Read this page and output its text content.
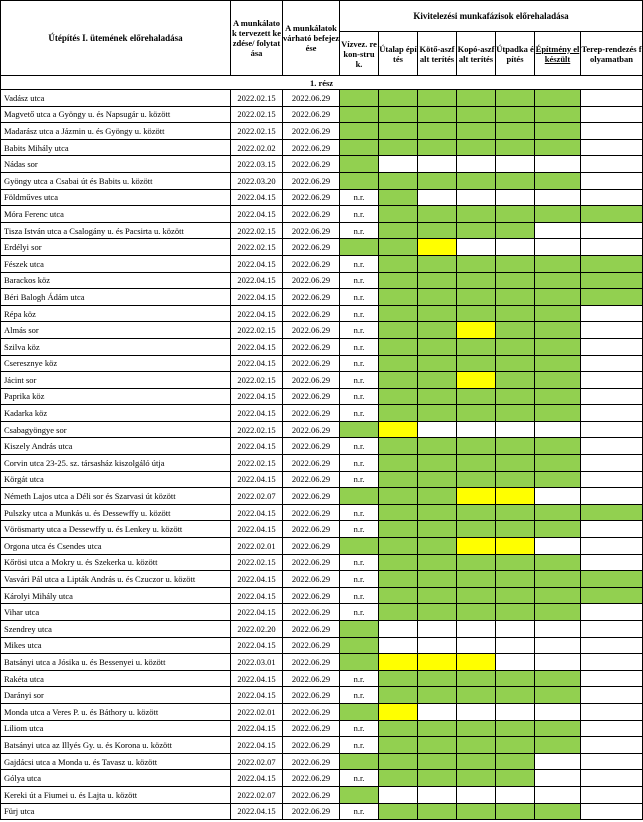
Útépítés I. ütemének előrehaladása	A munkálatok tervezett kezdése/ folytatása	A munkálatok várható befejezése	Kivitelezési munkafázisok előrehaladása						
			Vízvez. rekon-struk.	Útalap építés	Kötő-aszfalt terítés	Kopó-aszfalt terítés	Útpadka építés	Építmény elkészült	Terep-rendezés folyamatban
1. rész									
Vadász utca	2022.02.15	2022.06.29							
Magvető utca a Gyöngy u. és Napsugár u. között	2022.02.15	2022.06.29							
Madarász utca a Jázmin u. és Gyöngy u. között	2022.02.15	2022.06.29							
Babits Mihály utca	2022.02.02	2022.06.29							
Nádas sor	2022.03.15	2022.06.29							
Gyöngy utca a Csabai út és Babits u. között	2022.03.20	2022.06.29							
Földműves utca	2022.04.15	2022.06.29	n.r.						
Móra Ferenc utca	2022.04.15	2022.06.29	n.r.						
Tisza István utca a Csalogány u. és Pacsirta u. között	2022.02.15	2022.06.29	n.r.						
Erdélyi sor	2022.02.15	2022.06.29							
Fészek utca	2022.04.15	2022.06.29	n.r.						
Barackos köz	2022.04.15	2022.06.29	n.r.						
Béri Balogh Ádám utca	2022.04.15	2022.06.29	n.r.						
Répa köz	2022.04.15	2022.06.29	n.r.						
Almás sor	2022.02.15	2022.06.29	n.r.						
Szilva köz	2022.04.15	2022.06.29	n.r.						
Cseresznye köz	2022.04.15	2022.06.29	n.r.						
Jácint sor	2022.02.15	2022.06.29	n.r.						
Paprika köz	2022.04.15	2022.06.29	n.r.						
Kadarka köz	2022.04.15	2022.06.29	n.r.						
Csabagyöngye sor	2022.02.15	2022.06.29							
Kiszely András utca	2022.04.15	2022.06.29	n.r.						
Corvin utca 23-25. sz. társasház kiszolgáló útja	2022.02.15	2022.06.29	n.r.						
Körgát utca	2022.04.15	2022.06.29	n.r.						
Németh Lajos utca a Déli sor és Szarvasi út között	2022.02.07	2022.06.29							
Pulszky utca a Munkás u. és Dessewffy u. között	2022.04.15	2022.06.29	n.r.						
Vörösmarty utca a Dessewffy u. és Lenkey u. között	2022.04.15	2022.06.29	n.r.						
Orgona utca és Csendes utca	2022.02.01	2022.06.29							
Kőrösi utca a Mokry u. és Szekerka u. között	2022.02.15	2022.06.29	n.r.						
Vasvári Pál utca a Lipták András u. és Czuczor u. között	2022.04.15	2022.06.29	n.r.						
Károlyi Mihály utca	2022.04.15	2022.06.29	n.r.						
Vihar utca	2022.04.15	2022.06.29	n.r.						
Szendrey utca	2022.02.20	2022.06.29							
Mikes utca	2022.04.15	2022.06.29							
Batsányi utca a Jósika u. és Bessenyei u. között	2022.03.01	2022.06.29							
Rakéta utca	2022.04.15	2022.06.29	n.r.						
Darányi sor	2022.04.15	2022.06.29	n.r.						
Monda utca a Veres P. u. és Báthory u. között	2022.02.01	2022.06.29							
Liliom utca	2022.04.15	2022.06.29	n.r.						
Batsányi utca az Illyés Gy. u. és Korona u. között	2022.04.15	2022.06.29	n.r.						
Gajdácsi utca a Monda u. és Tavasz u. között	2022.02.07	2022.06.29							
Gólya utca	2022.04.15	2022.06.29	n.r.						
Kereki út a Fiumei u. és Lajta u. között	2022.02.07	2022.06.29							
Fürj utca	2022.04.15	2022.06.29	n.r.						
